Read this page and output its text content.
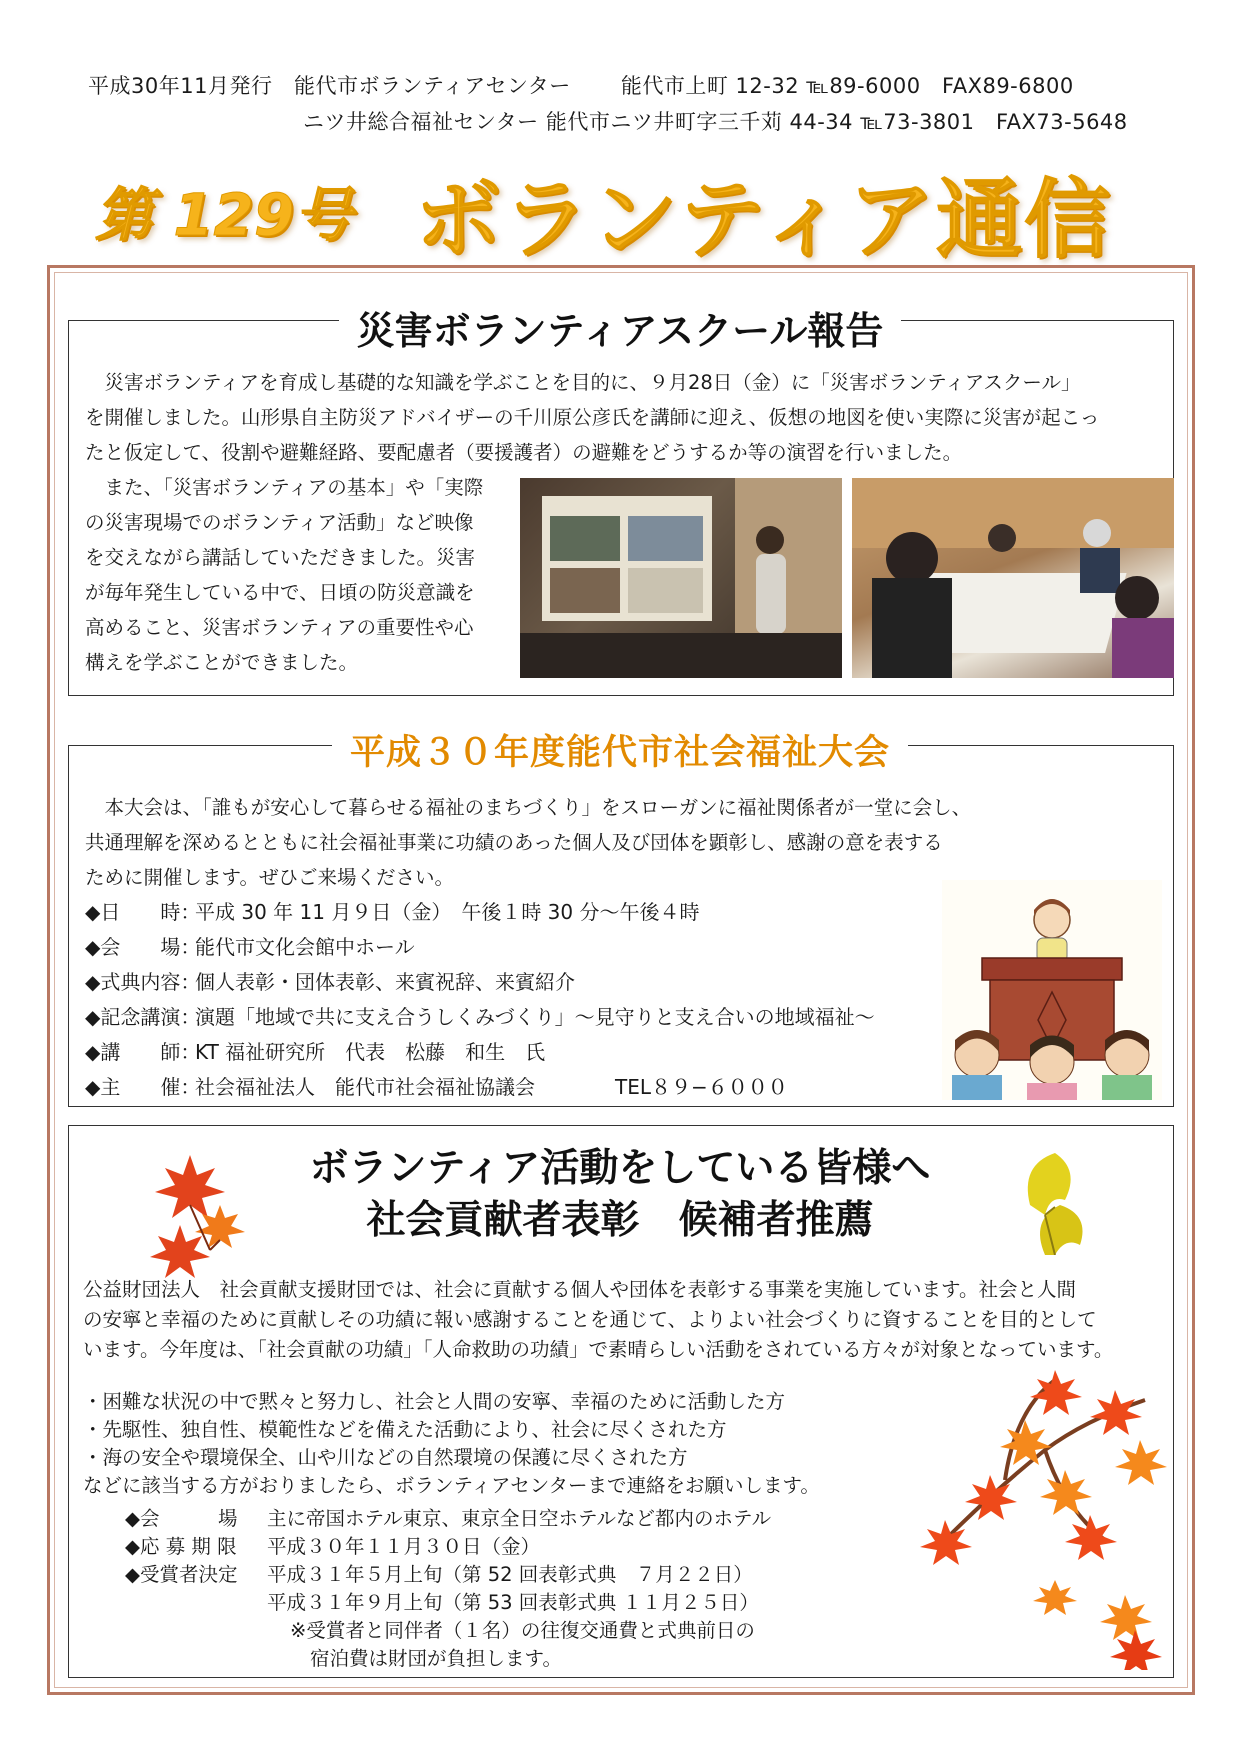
平成30年11月発行　能代市ボランティアセンター　　 能代市上町 12-32 ℡89-6000　FAX89-6800
ニツ井総合福祉センター 能代市ニツ井町字三千苅 44-34 ℡73-3801　FAX73-5648
第 129号 ボランティア通信
災害ボランティアスクール報告
　災害ボランティアを育成し基礎的な知識を学ぶことを目的に、９月28日（金）に「災害ボランティアスクール」
を開催しました。山形県自主防災アドバイザーの千川原公彦氏を講師に迎え、仮想の地図を使い実際に災害が起こっ
たと仮定して、役割や避難経路、要配慮者（要援護者）の避難をどうするか等の演習を行いました。
　また、「災害ボランティアの基本」や「実際
の災害現場でのボランティア活動」など映像
を交えながら講話していただきました。災害
が毎年発生している中で、日頃の防災意識を
高めること、災害ボランティアの重要性や心
構えを学ぶことができました。
平成３０年度能代市社会福祉大会
　本大会は、「誰もが安心して暮らせる福祉のまちづくり」をスローガンに福祉関係者が一堂に会し、
共通理解を深めるとともに社会福祉事業に功績のあった個人及び団体を顕彰し、感謝の意を表する
ために開催します。ぜひご来場ください。
◆日　　時：平成 30 年 11 月９日（金）　午後１時 30 分〜午後４時
◆会　　場：能代市文化会館中ホール
◆式典内容：個人表彰・団体表彰、来賓祝辞、来賓紹介
◆記念講演：演題「地域で共に支え合うしくみづくり」〜見守りと支え合いの地域福祉〜
◆講　　師：KT 福祉研究所　代表　松藤　和生　氏
◆主　　催：社会福祉法人　能代市社会福祉協議会　　　　TEL８９−６０００
ボランティア活動をしている皆様へ
社会貢献者表彰　候補者推薦
公益財団法人　社会貢献支援財団では、社会に貢献する個人や団体を表彰する事業を実施しています。社会と人間
の安寧と幸福のために貢献しその功績に報い感謝することを通じて、よりよい社会づくりに資することを目的として
います。今年度は、「社会貢献の功績」「人命救助の功績」で素晴らしい活動をされている方々が対象となっています。
・困難な状況の中で黙々と努力し、社会と人間の安寧、幸福のために活動した方
・先駆性、独自性、模範性などを備えた活動により、社会に尽くされた方
・海の安全や環境保全、山や川などの自然環境の保護に尽くされた方
などに該当する方がおりましたら、ボランティアセンターまで連絡をお願いします。
◆会　　　場 主に帝国ホテル東京、東京全日空ホテルなど都内のホテル
◆応 募 期 限 平成３０年１１月３０日（金）
◆受賞者決定 平成３１年５月上旬（第 52 回表彰式典　７月２２日）
平成３１年９月上旬（第 53 回表彰式典 １１月２５日）
※受賞者と同伴者（１名）の往復交通費と式典前日の
宿泊費は財団が負担します。
